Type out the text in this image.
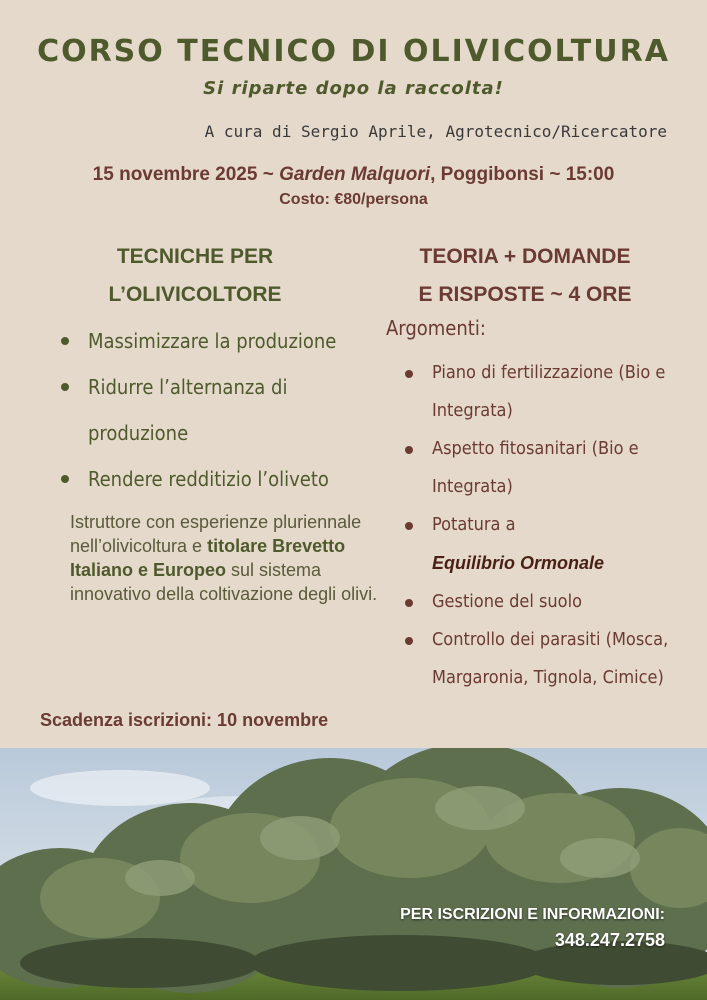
CORSO TECNICO DI OLIVICOLTURA
Si riparte dopo la raccolta!
A cura di Sergio Aprile, Agrotecnico/Ricercatore
15 novembre 2025 ~ Garden Malquori, Poggibonsi ~ 15:00
Costo: €80/persona
TECNICHE PER
L’OLIVICOLTORE
Massimizzare la produzione
Ridurre l’alternanza di produzione
Rendere redditizio l’oliveto
Istruttore con esperienze pluriennale nell’olivicoltura e titolare Brevetto Italiano e Europeo sul sistema innovativo della coltivazione degli olivi.
Scadenza iscrizioni: 10 novembre
TEORIA + DOMANDE
E RISPOSTE ~ 4 ORE
Argomenti:
Piano di fertilizzazione (Bio e Integrata)
Aspetto fitosanitari (Bio e Integrata)
Potatura a
Equilibrio Ormonale
Gestione del suolo
Controllo dei parasiti (Mosca, Margaronia, Tignola, Cimice)
PER ISCRIZIONI E INFORMAZIONI:
348.247.2758
